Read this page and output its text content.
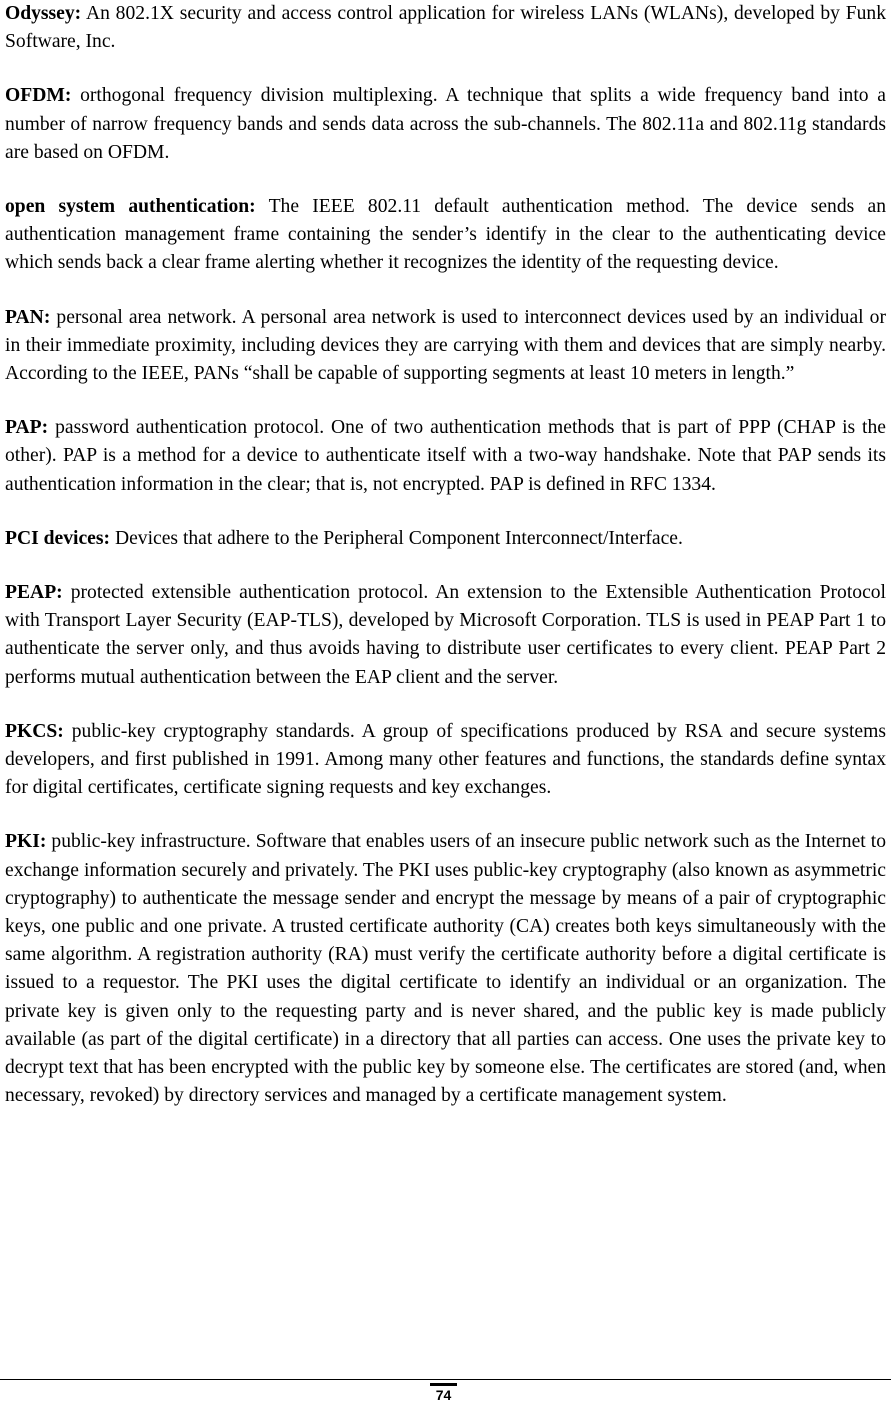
Odyssey: An 802.1X security and access control application for wireless LANs (WLANs), developed by Funk Software, Inc.

OFDM: orthogonal frequency division multiplexing. A technique that splits a wide frequency band into a number of narrow frequency bands and sends data across the sub-channels. The 802.11a and 802.11g standards are based on OFDM.

open system authentication: The IEEE 802.11 default authentication method. The device sends an authentication management frame containing the sender’s identify in the clear to the authenticating device which sends back a clear frame alerting whether it recognizes the identity of the requesting device.

PAN: personal area network. A personal area network is used to interconnect devices used by an individual or in their immediate proximity, including devices they are carrying with them and devices that are simply nearby. According to the IEEE, PANs “shall be capable of supporting segments at least 10 meters in length.”

PAP: password authentication protocol. One of two authentication methods that is part of PPP (CHAP is the other). PAP is a method for a device to authenticate itself with a two-way handshake. Note that PAP sends its authentication information in the clear; that is, not encrypted. PAP is defined in RFC 1334.

PCI devices: Devices that adhere to the Peripheral Component Interconnect/Interface.

PEAP: protected extensible authentication protocol. An extension to the Extensible Authentication Protocol with Transport Layer Security (EAP-TLS), developed by Microsoft Corporation. TLS is used in PEAP Part 1 to authenticate the server only, and thus avoids having to distribute user certificates to every client. PEAP Part 2 performs mutual authentication between the EAP client and the server.

PKCS: public-key cryptography standards. A group of specifications produced by RSA and secure systems developers, and first published in 1991. Among many other features and functions, the standards define syntax for digital certificates, certificate signing requests and key exchanges.

PKI: public-key infrastructure. Software that enables users of an insecure public network such as the Internet to exchange information securely and privately. The PKI uses public-key cryptography (also known as asymmetric cryptography) to authenticate the message sender and encrypt the message by means of a pair of cryptographic keys, one public and one private. A trusted certificate authority (CA) creates both keys simultaneously with the same algorithm. A registration authority (RA) must verify the certificate authority before a digital certificate is issued to a requestor. The PKI uses the digital certificate to identify an individual or an organization. The private key is given only to the requesting party and is never shared, and the public key is made publicly available (as part of the digital certificate) in a directory that all parties can access. One uses the private key to decrypt text that has been encrypted with the public key by someone else. The certificates are stored (and, when necessary, revoked) by directory services and managed by a certificate management system.

74
